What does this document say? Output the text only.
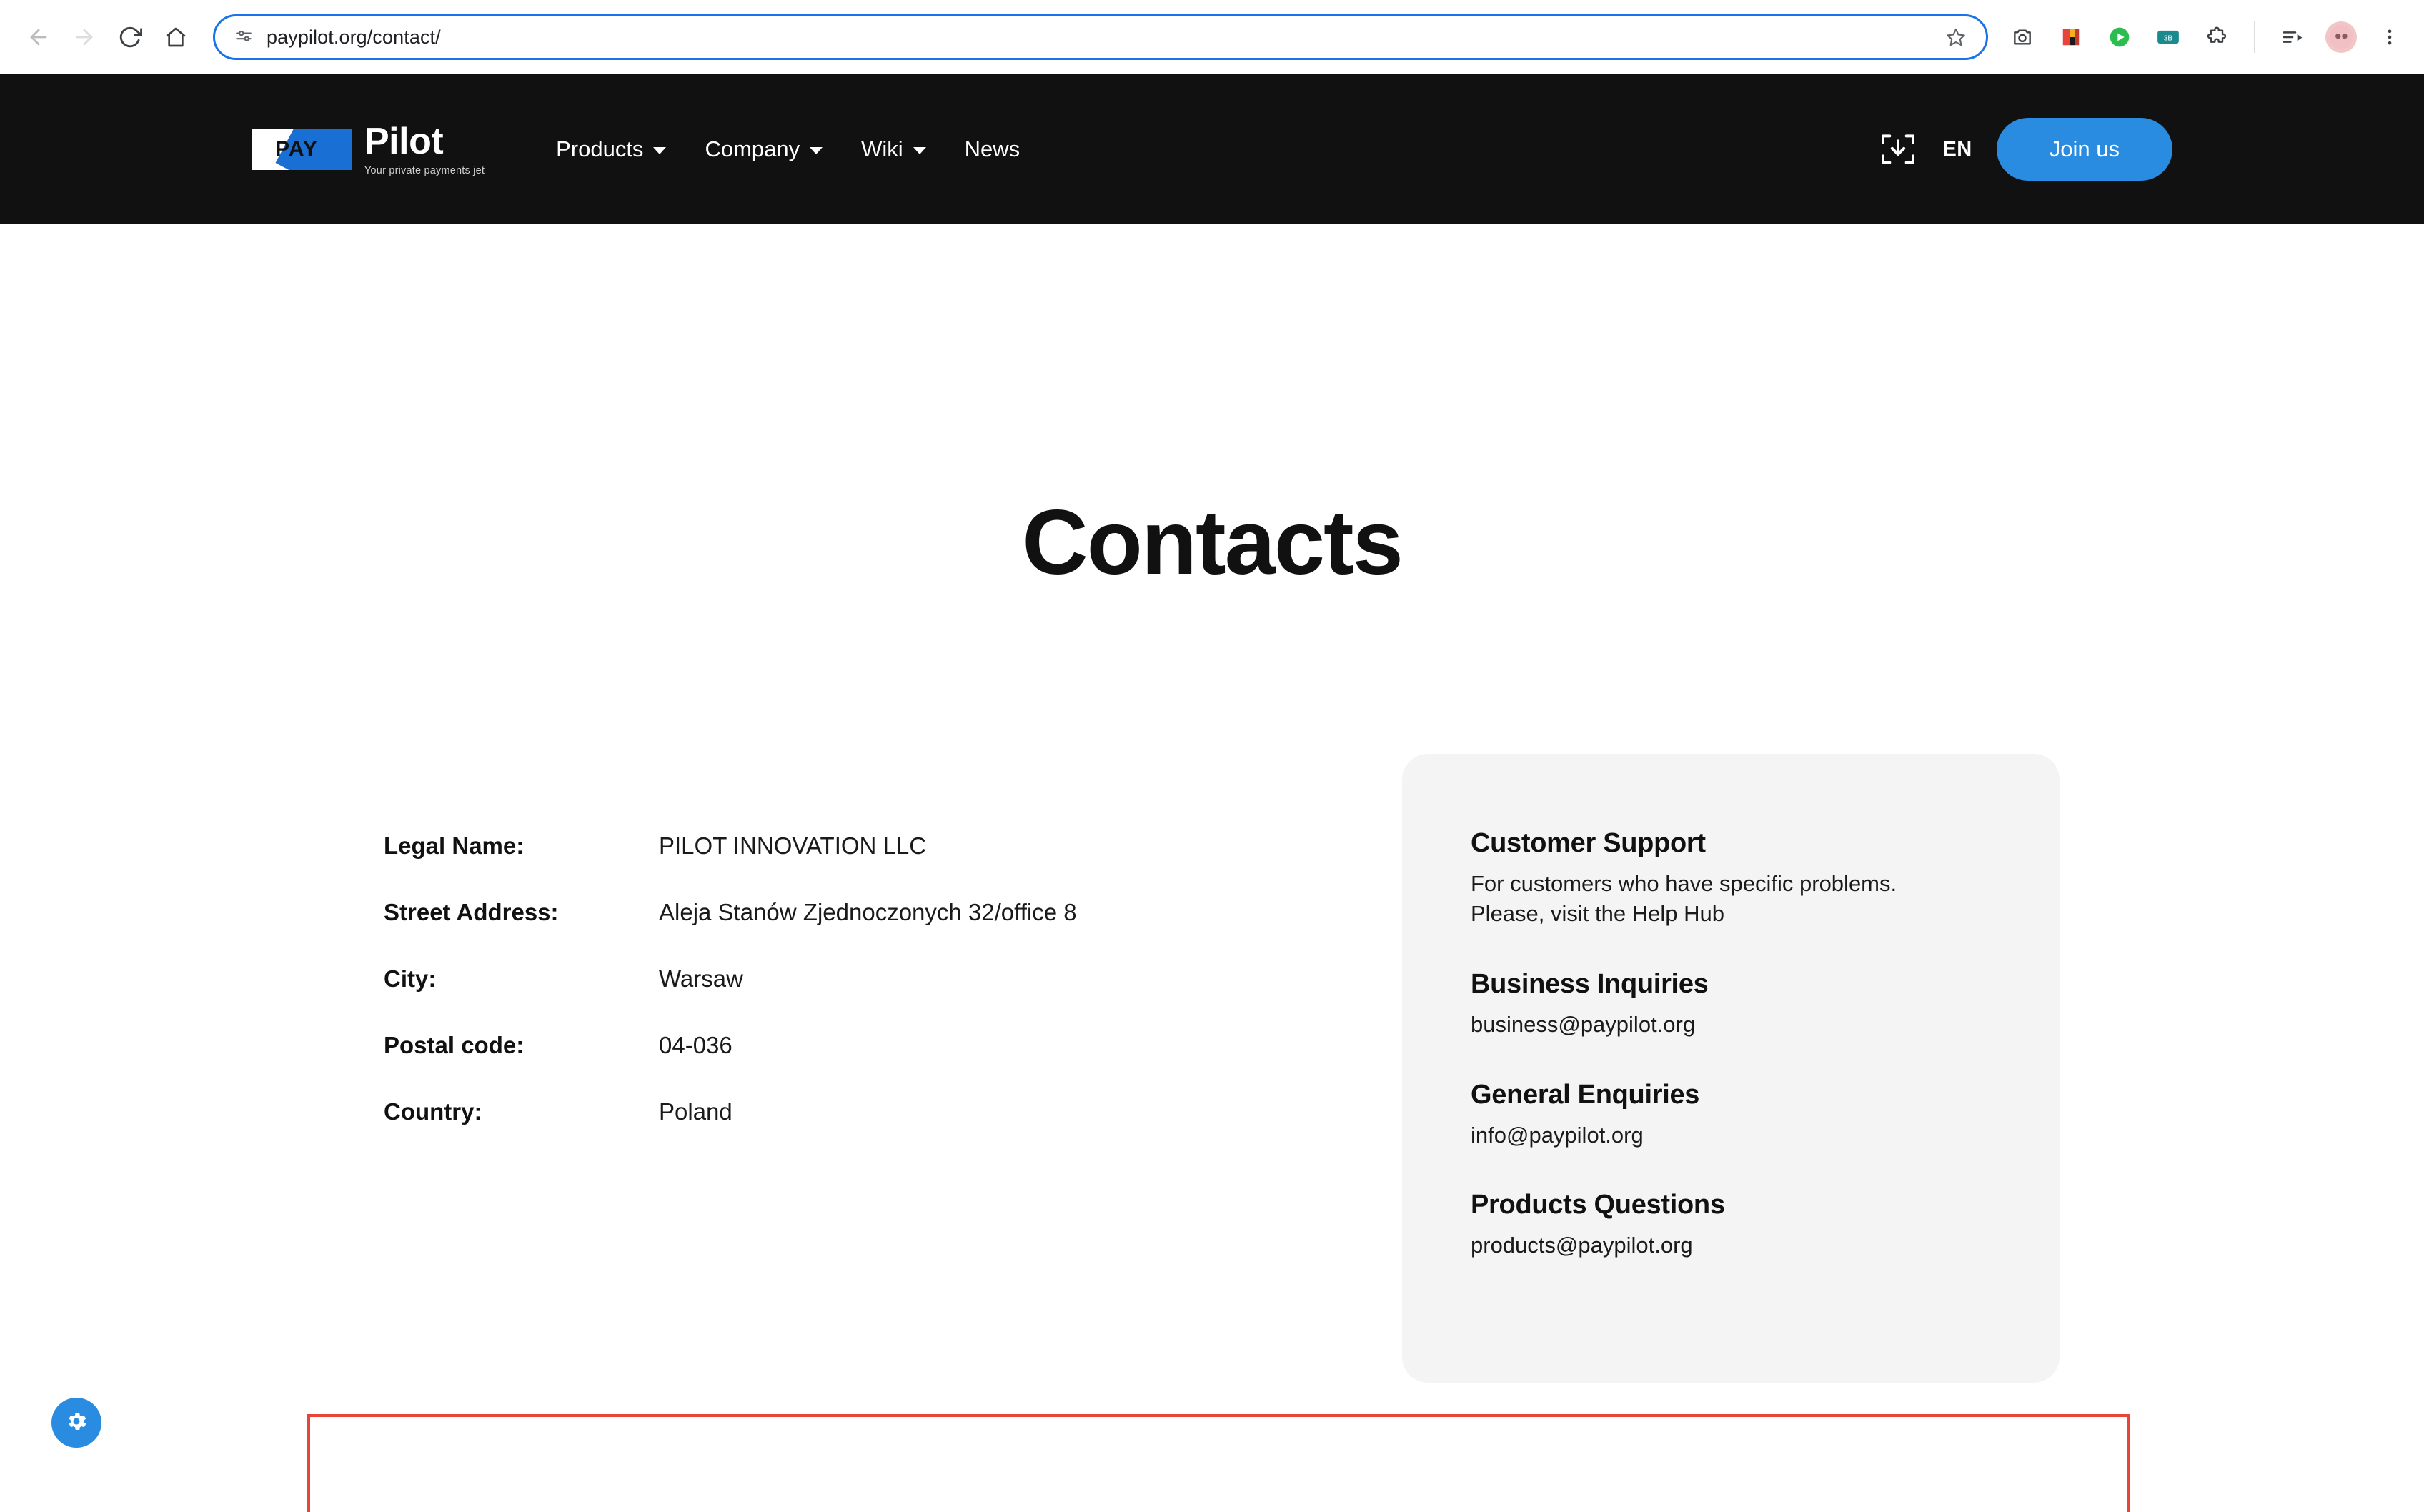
paypilot.org/contact/	3B
PAY Pilot
Your private payments jet
Products	Company	Wiki	News	EN	Join us
Contacts
Legal Name:	PILOT INNOVATION LLC
Street Address:	Aleja Stanów Zjednoczonych 32/office 8
City:	Warsaw
Postal code:	04-036
Country:	Poland
Customer Support
For customers who have specific problems. Please, visit the Help Hub
Business Inquiries
business@paypilot.org
General Enquiries
info@paypilot.org
Products Questions
products@paypilot.org
